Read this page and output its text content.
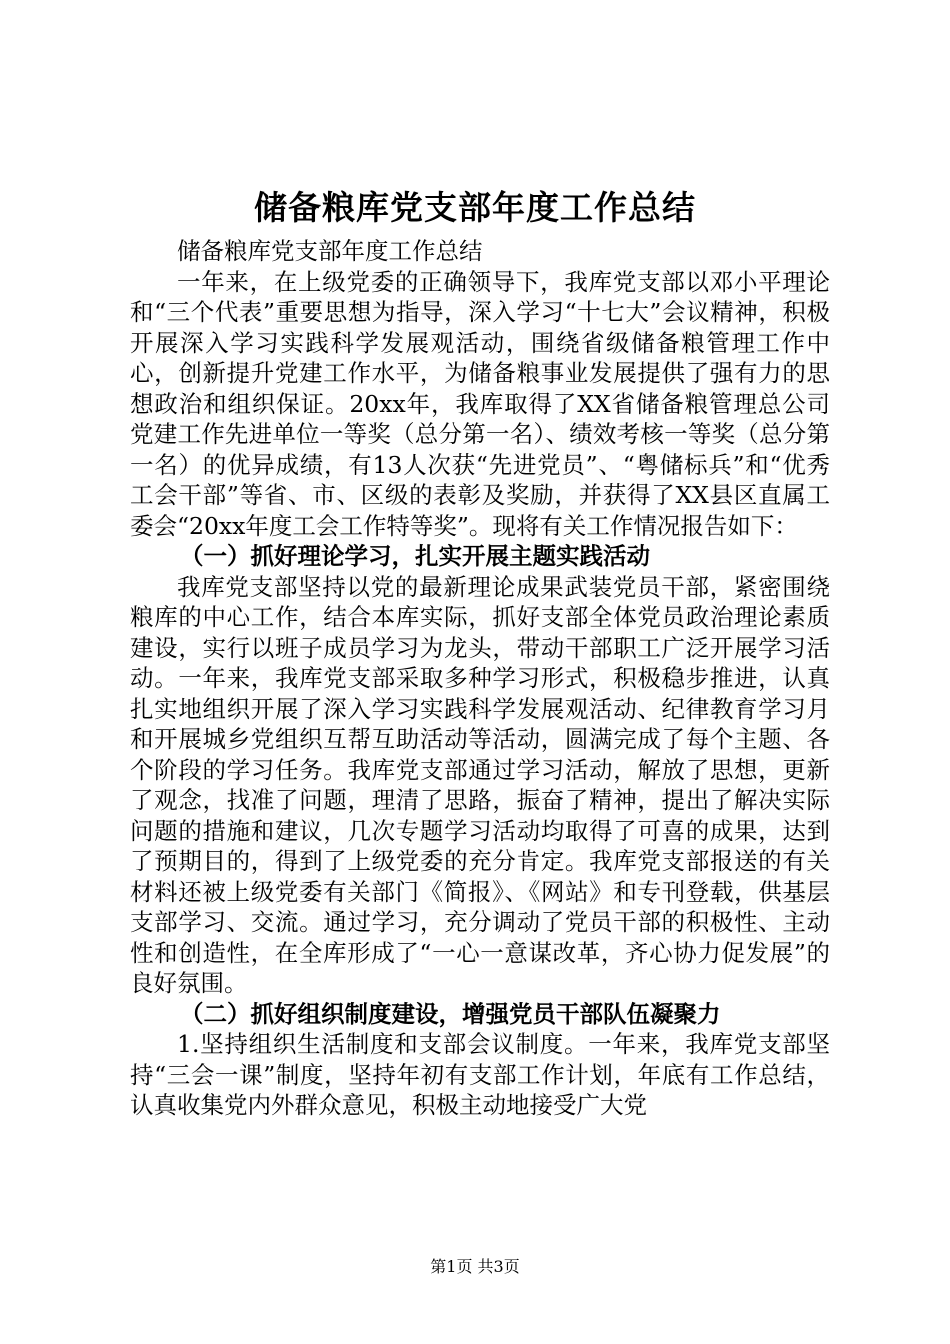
储备粮库党支部年度工作总结

储备粮库党支部年度工作总结

一年来，在上级党委的正确领导下，我库党支部以邓小平理论和“三个代表”重要思想为指导，深入学习“十七大”会议精神，积极开展深入学习实践科学发展观活动，围绕省级储备粮管理工作中心，创新提升党建工作水平，为储备粮事业发展提供了强有力的思想政治和组织保证。20xx年，我库取得了XX省储备粮管理总公司党建工作先进单位一等奖（总分第一名）、绩效考核一等奖（总分第一名）的优异成绩，有13人次获“先进党员”、“粤储标兵”和“优秀工会干部”等省、市、区级的表彰及奖励，并获得了XX县区直属工委会“20xx年度工会工作特等奖”。现将有关工作情况报告如下：

（一）抓好理论学习，扎实开展主题实践活动

我库党支部坚持以党的最新理论成果武装党员干部，紧密围绕粮库的中心工作，结合本库实际，抓好支部全体党员政治理论素质建设，实行以班子成员学习为龙头，带动干部职工广泛开展学习活动。一年来，我库党支部采取多种学习形式，积极稳步推进，认真扎实地组织开展了深入学习实践科学发展观活动、纪律教育学习月和开展城乡党组织互帮互助活动等活动，圆满完成了每个主题、各个阶段的学习任务。我库党支部通过学习活动，解放了思想，更新了观念，找准了问题，理清了思路，振奋了精神，提出了解决实际问题的措施和建议，几次专题学习活动均取得了可喜的成果，达到了预期目的，得到了上级党委的充分肯定。我库党支部报送的有关材料还被上级党委有关部门《简报》、《网站》和专刊登载，供基层支部学习、交流。通过学习，充分调动了党员干部的积极性、主动性和创造性，在全库形成了“一心一意谋改革，齐心协力促发展”的良好氛围。

（二）抓好组织制度建设，增强党员干部队伍凝聚力

1.坚持组织生活制度和支部会议制度。一年来，我库党支部坚持“三会一课”制度，坚持年初有支部工作计划，年底有工作总结，认真收集党内外群众意见，积极主动地接受广大党

第1页 共3页
